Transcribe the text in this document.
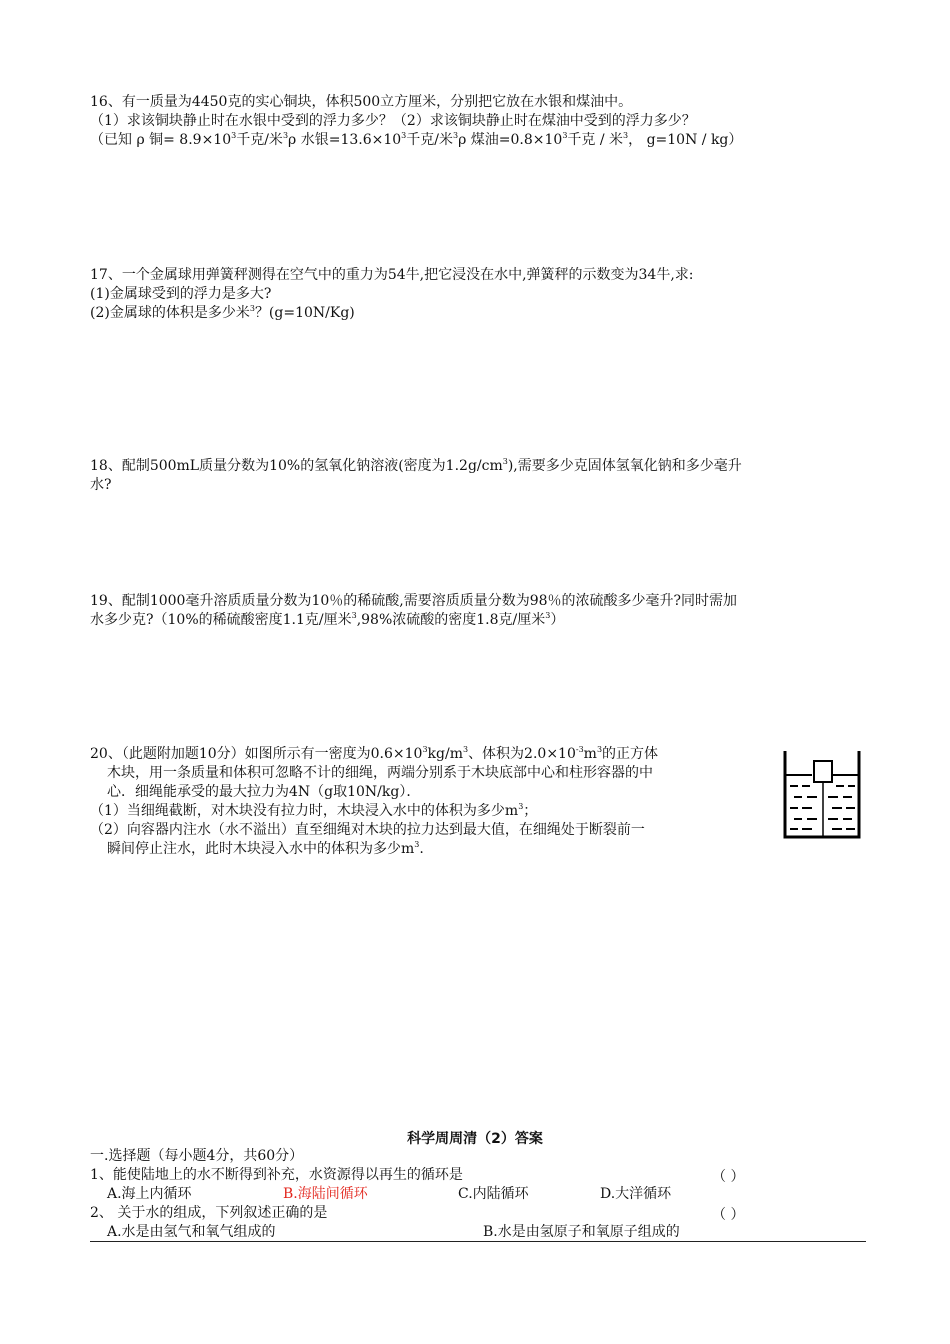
16、有一质量为4450克的实心铜块，体积500立方厘米，分别把它放在水银和煤油中。
（1）求该铜块静止时在水银中受到的浮力多少？（2）求该铜块静止时在煤油中受到的浮力多少？
（已知 ρ 铜= $8.9\times 10^3$千克/米$^3$ρ 水银$=13.6\times 10^3$千克/米$^3$ρ 煤油$=0.8\times 10^3$千克 / 米$^3$， g=10N / kg）
17、一个金属球用弹簧秤测得在空气中的重力为54牛,把它浸没在水中,弹簧秤的示数变为34牛,求:
(1)金属球受到的浮力是多大?
(2)金属球的体积是多少米$^3$？(g=10N/Kg)
18、配制500mL质量分数为10%的氢氧化钠溶液(密度为$1.2g/cm^3$),需要多少克固体氢氧化钠和多少毫升
水?
19、配制1000毫升溶质质量分数为10％的稀硫酸,需要溶质质量分数为98％的浓硫酸多少毫升?同时需加
水多少克?（10%的稀硫酸密度1.1克/厘米$^3$,98%浓硫酸的密度1.8克/厘米$^3$）
20、（此题附加题10分）如图所示有一密度为$0.6\times 10^3kg/m^3$、体积为$2.0\times 10^{-3}m^3$的正方体
木块，用一条质量和体积可忽略不计的细绳，两端分别系于木块底部中心和柱形容器的中
心．细绳能承受的最大拉力为4N（g取10N/kg）．
（1）当细绳截断，对木块没有拉力时，木块浸入水中的体积为多少$m^3$；
（2）向容器内注水（水不溢出）直至细绳对木块的拉力达到最大值，在细绳处于断裂前一
瞬间停止注水，此时木块浸入水中的体积为多少$m^3$.
科学周周清（2）答案
一.选择题（每小题4分，共60分）
1、能使陆地上的水不断得到补充，水资源得以再生的循环是	（ ）
A.海上内循环	B.海陆间循环	C.内陆循环	D.大洋循环
2、 关于水的组成，下列叙述正确的是	（ ）
A.水是由氢气和氧气组成的	B.水是由氢原子和氧原子组成的
